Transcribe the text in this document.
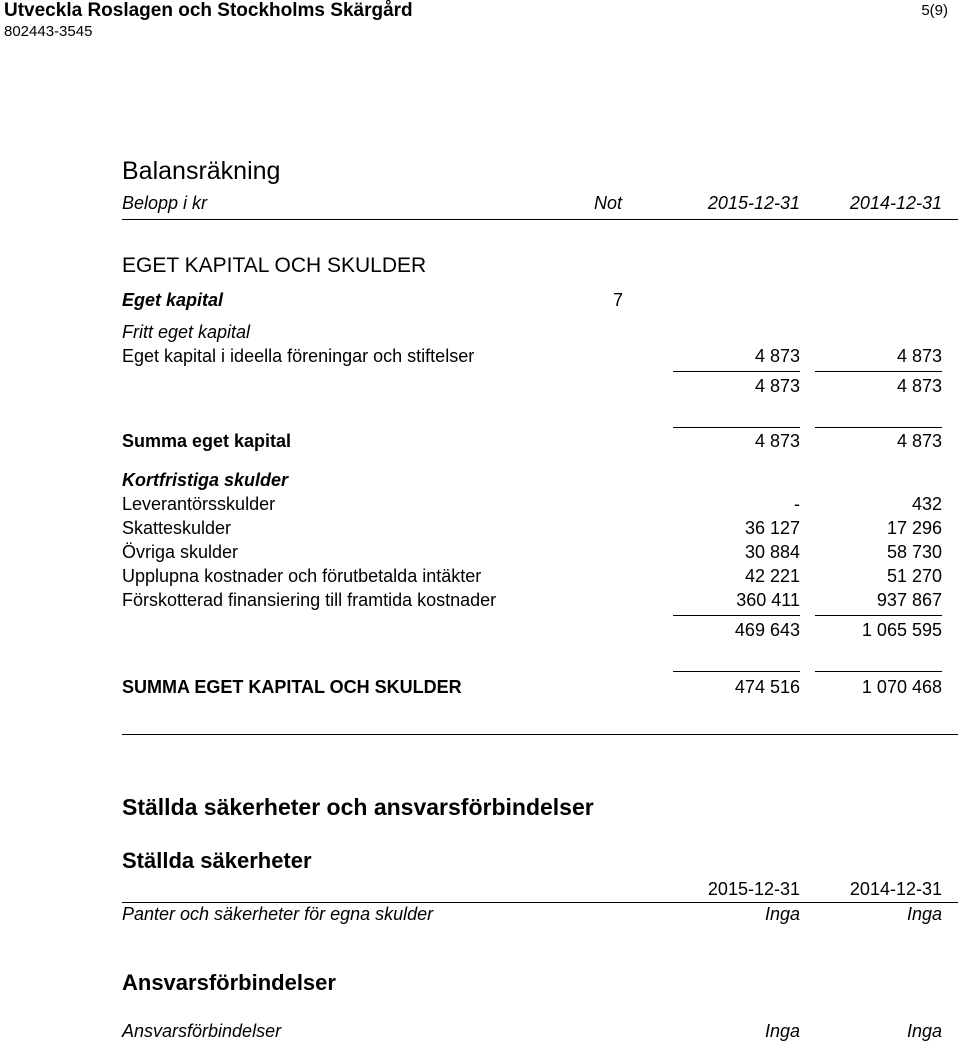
Utveckla Roslagen och Stockholms Skärgård
802443-3545
5(9)
Balansräkning
Belopp i kr	Not	2015-12-31	2014-12-31
EGET KAPITAL OCH SKULDER
Eget kapital	7
Fritt eget kapital
Eget kapital i ideella föreningar och stiftelser	4 873	4 873
4 873	4 873
Summa eget kapital	4 873	4 873
Kortfristiga skulder
Leverantörsskulder	-	432
Skatteskulder	36 127	17 296
Övriga skulder	30 884	58 730
Upplupna kostnader och förutbetalda intäkter	42 221	51 270
Förskotterad finansiering till framtida kostnader	360 411	937 867
469 643	1 065 595
SUMMA EGET KAPITAL OCH SKULDER	474 516	1 070 468
Ställda säkerheter och ansvarsförbindelser
Ställda säkerheter
2015-12-31	2014-12-31
Panter och säkerheter för egna skulder	Inga	Inga
Ansvarsförbindelser
Ansvarsförbindelser	Inga	Inga
